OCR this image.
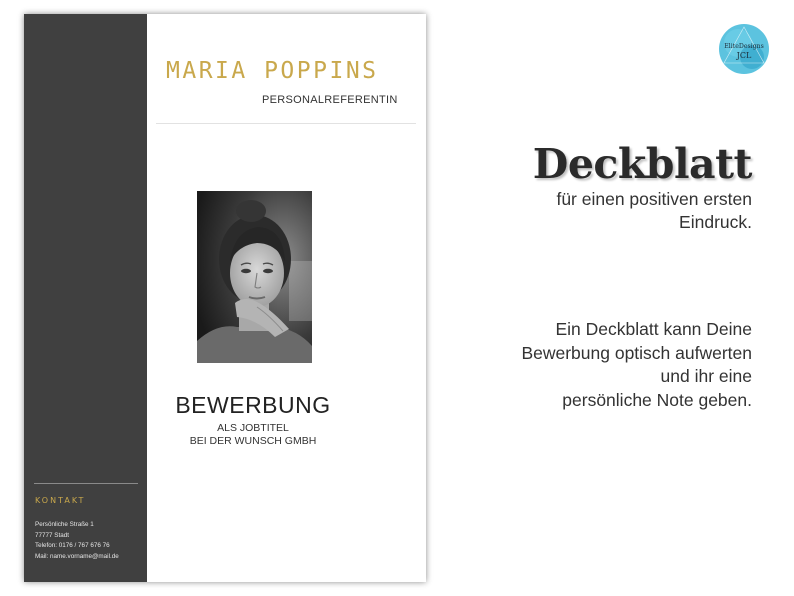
KONTAKT
Persönliche Straße 1
77777 Stadt
Telefon: 0176 / 767 676 76
Mail: name.vorname@mail.de
MARIA POPPINS
PERSONALREFERENTIN
BEWERBUNG
ALS JOBTITEL
BEI DER WUNSCH GMBH
EliteDesigns
JCL
Deckblatt
für einen positiven ersten
Eindruck.
Ein Deckblatt kann Deine
Bewerbung optisch aufwerten
und ihr eine
persönliche Note geben.
